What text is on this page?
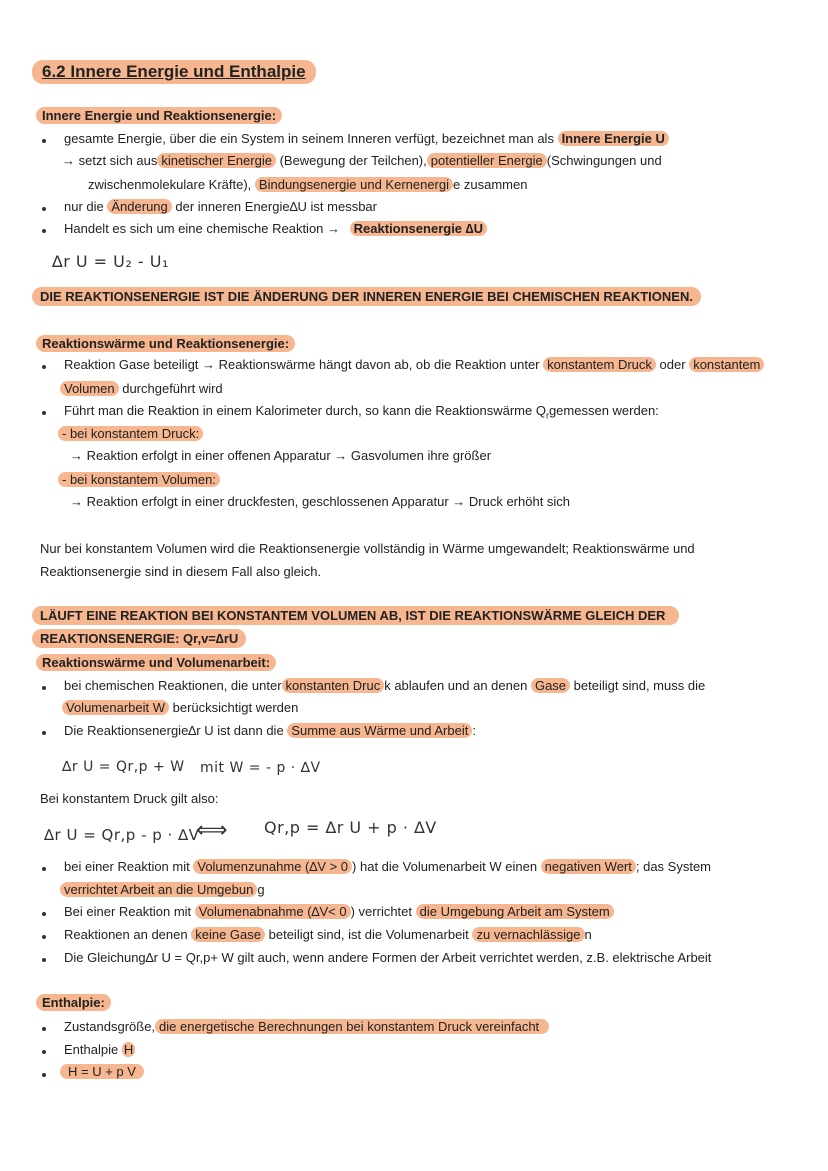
6.2 Innere Energie und Enthalpie
Innere Energie und Reaktionsenergie:
gesamte Energie, über die ein System in seinem Inneren verfügt, bezeichnet man als Innere Energie U
→ setzt sich aus kinetischer Energie (Bewegung der Teilchen), potentieller Energie (Schwingungen und
zwischenmolekulare Kräfte), Bindungsenergie und Kernenergi e zusammen
nur die Änderung der inneren Energie∆U ist messbar
Handelt es sich um eine chemische Reaktion → Reaktionsenergie ∆U
∆r U = U₂ - U₁
DIE REAKTIONSENERGIE IST DIE ÄNDERUNG DER INNEREN ENERGIE BEI CHEMISCHEN REAKTIONEN.
Reaktionswärme und Reaktionsenergie:
Reaktion Gase beteiligt → Reaktionswärme hängt davon ab, ob die Reaktion unter konstantem Druck oder konstantem
Volumen durchgeführt wird
Führt man die Reaktion in einem Kalorimeter durch, so kann die Reaktionswärme $Q_rgemessen$ werden:
- bei konstantem Druck:
→ Reaktion erfolgt in einer offenen Apparatur → Gasvolumen ihre größer
- bei konstantem Volumen:
→ Reaktion erfolgt in einer druckfesten, geschlossenen Apparatur → Druck erhöht sich
Nur bei konstantem Volumen wird die Reaktionsenergie vollständig in Wärme umgewandelt; Reaktionswärme und
Reaktionsenergie sind in diesem Fall also gleich.
LÄUFT EINE REAKTION BEI KONSTANTEM VOLUMEN AB, IST DIE REAKTIONSWÄRME GLEICH DER
REAKTIONSENERGIE: Qr,v=∆rU
Reaktionswärme und Volumenarbeit:
bei chemischen Reaktionen, die unter konstanten Druc k ablaufen und an denen Gase beteiligt sind, muss die
Volumenarbeit W berücksichtigt werden
Die Reaktionsenergie∆r U ist dann die Summe aus Wärme und Arbeit :
∆r U = Qr,p + W mit W = - p · ∆V
Bei konstantem Druck gilt also:
∆r U = Qr,p - p · ∆V
⟺ Qr,p = ∆r U + p · ∆V
bei einer Reaktion mit Volumenzunahme (∆V > 0 ) hat die Volumenarbeit W einen negativen Wert ; das System
verrichtet Arbeit an die Umgebun g
Bei einer Reaktion mit Volumenabnahme (∆V< 0 ) verrichtet die Umgebung Arbeit am System
Reaktionen an denen keine Gase beteiligt sind, ist die Volumenarbeit zu vernachlässige n
Die Gleichung∆r U = Qr,p+ W gilt auch, wenn andere Formen der Arbeit verrichtet werden, z.B. elektrische Arbeit
Enthalpie:
Zustandsgröße, die energetische Berechnungen bei konstantem Druck vereinfacht
Enthalpie H
H = U + p V
